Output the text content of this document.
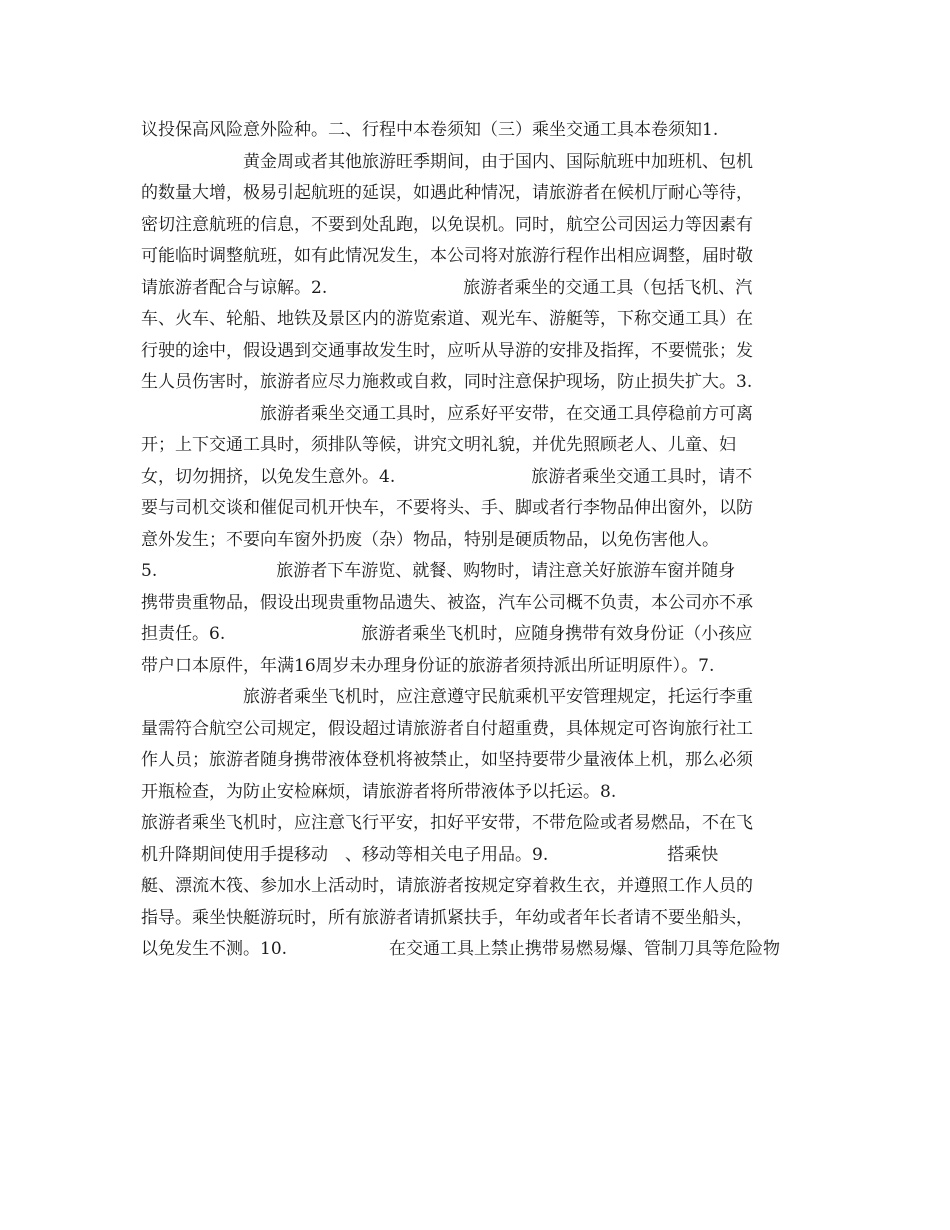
议投保高风险意外险种。二、行程中本卷须知（三）乘坐交通工具本卷须知1.
　　　　　　黄金周或者其他旅游旺季期间，由于国内、国际航班中加班机、包机
的数量大增，极易引起航班的延误，如遇此种情况，请旅游者在候机厅耐心等待，
密切注意航班的信息，不要到处乱跑，以免误机。同时，航空公司因运力等因素有
可能临时调整航班，如有此情况发生，本公司将对旅游行程作出相应调整，届时敬
请旅游者配合与谅解。2.　　　　　　　　旅游者乘坐的交通工具（包括飞机、汽
车、火车、轮船、地铁及景区内的游览索道、观光车、游艇等，下称交通工具）在
行驶的途中，假设遇到交通事故发生时，应听从导游的安排及指挥，不要慌张；发
生人员伤害时，旅游者应尽力施救或自救，同时注意保护现场，防止损失扩大。3.
　　　　　　　旅游者乘坐交通工具时，应系好平安带，在交通工具停稳前方可离
开；上下交通工具时，须排队等候，讲究文明礼貌，并优先照顾老人、儿童、妇
女，切勿拥挤，以免发生意外。4.　　　　　　　　旅游者乘坐交通工具时，请不
要与司机交谈和催促司机开快车，不要将头、手、脚或者行李物品伸出窗外，以防
意外发生；不要向车窗外扔废（杂）物品，特别是硬质物品，以免伤害他人。
5.　　　　　　　旅游者下车游览、就餐、购物时，请注意关好旅游车窗并随身
携带贵重物品，假设出现贵重物品遗失、被盗，汽车公司概不负责，本公司亦不承
担责任。6.　　　　　　　　旅游者乘坐飞机时，应随身携带有效身份证（小孩应
带户口本原件，年满16周岁未办理身份证的旅游者须持派出所证明原件）。7.
　　　　　　旅游者乘坐飞机时，应注意遵守民航乘机平安管理规定，托运行李重
量需符合航空公司规定，假设超过请旅游者自付超重费，具体规定可咨询旅行社工
作人员；旅游者随身携带液体登机将被禁止，如坚持要带少量液体上机，那么必须
开瓶检查，为防止安检麻烦，请旅游者将所带液体予以托运。8.
旅游者乘坐飞机时，应注意飞行平安，扣好平安带，不带危险或者易燃品，不在飞
机升降期间使用手提移动　、移动等相关电子用品。9.　　　　　　　搭乘快
艇、漂流木筏、参加水上活动时，请旅游者按规定穿着救生衣，并遵照工作人员的
指导。乘坐快艇游玩时，所有旅游者请抓紧扶手，年幼或者年长者请不要坐船头，
以免发生不测。10.　　　　　　在交通工具上禁止携带易燃易爆、管制刀具等危险物
